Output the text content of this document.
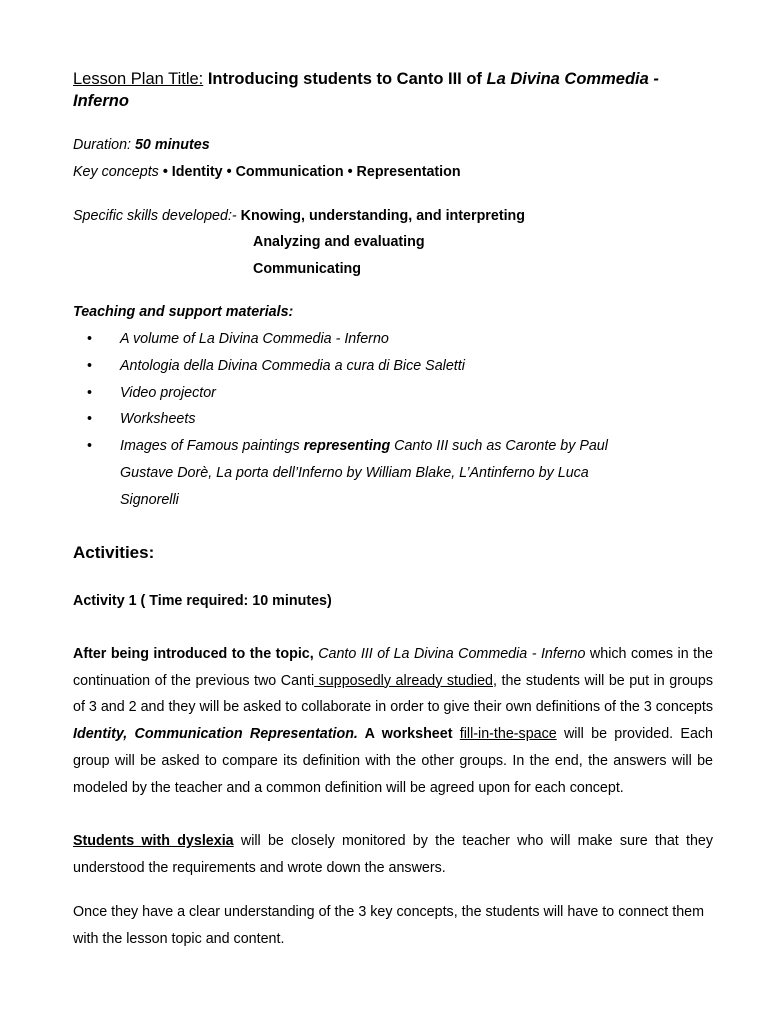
Lesson Plan Title: Introducing students to Canto III of La Divina Commedia - Inferno
Duration: 50 minutes
Key concepts • Identity • Communication • Representation
Specific skills developed:- Knowing, understanding, and interpreting
Analyzing and evaluating
Communicating
Teaching and support materials:
• A volume of La Divina Commedia - Inferno
• Antologia della Divina Commedia a cura di Bice Saletti
• Video projector
• Worksheets
• Images of Famous paintings representing Canto III such as Caronte by Paul
Gustave Dorè, La porta dell’Inferno by William Blake, L’Antinferno by Luca
Signorelli
Activities:
Activity 1 ( Time required: 10 minutes)
After being introduced to the topic, Canto III of La Divina Commedia - Inferno which comes in the continuation of the previous two Canti supposedly already studied, the students will be put in groups of 3 and 2 and they will be asked to collaborate in order to give their own definitions of the 3 concepts Identity, Communication Representation. A worksheet fill-in-the-space will be provided. Each group will be asked to compare its definition with the other groups. In the end, the answers will be modeled by the teacher and a common definition will be agreed upon for each concept.
Students with dyslexia will be closely monitored by the teacher who will make sure that they understood the requirements and wrote down the answers.
Once they have a clear understanding of the 3 key concepts, the students will have to connect them with the lesson topic and content.
